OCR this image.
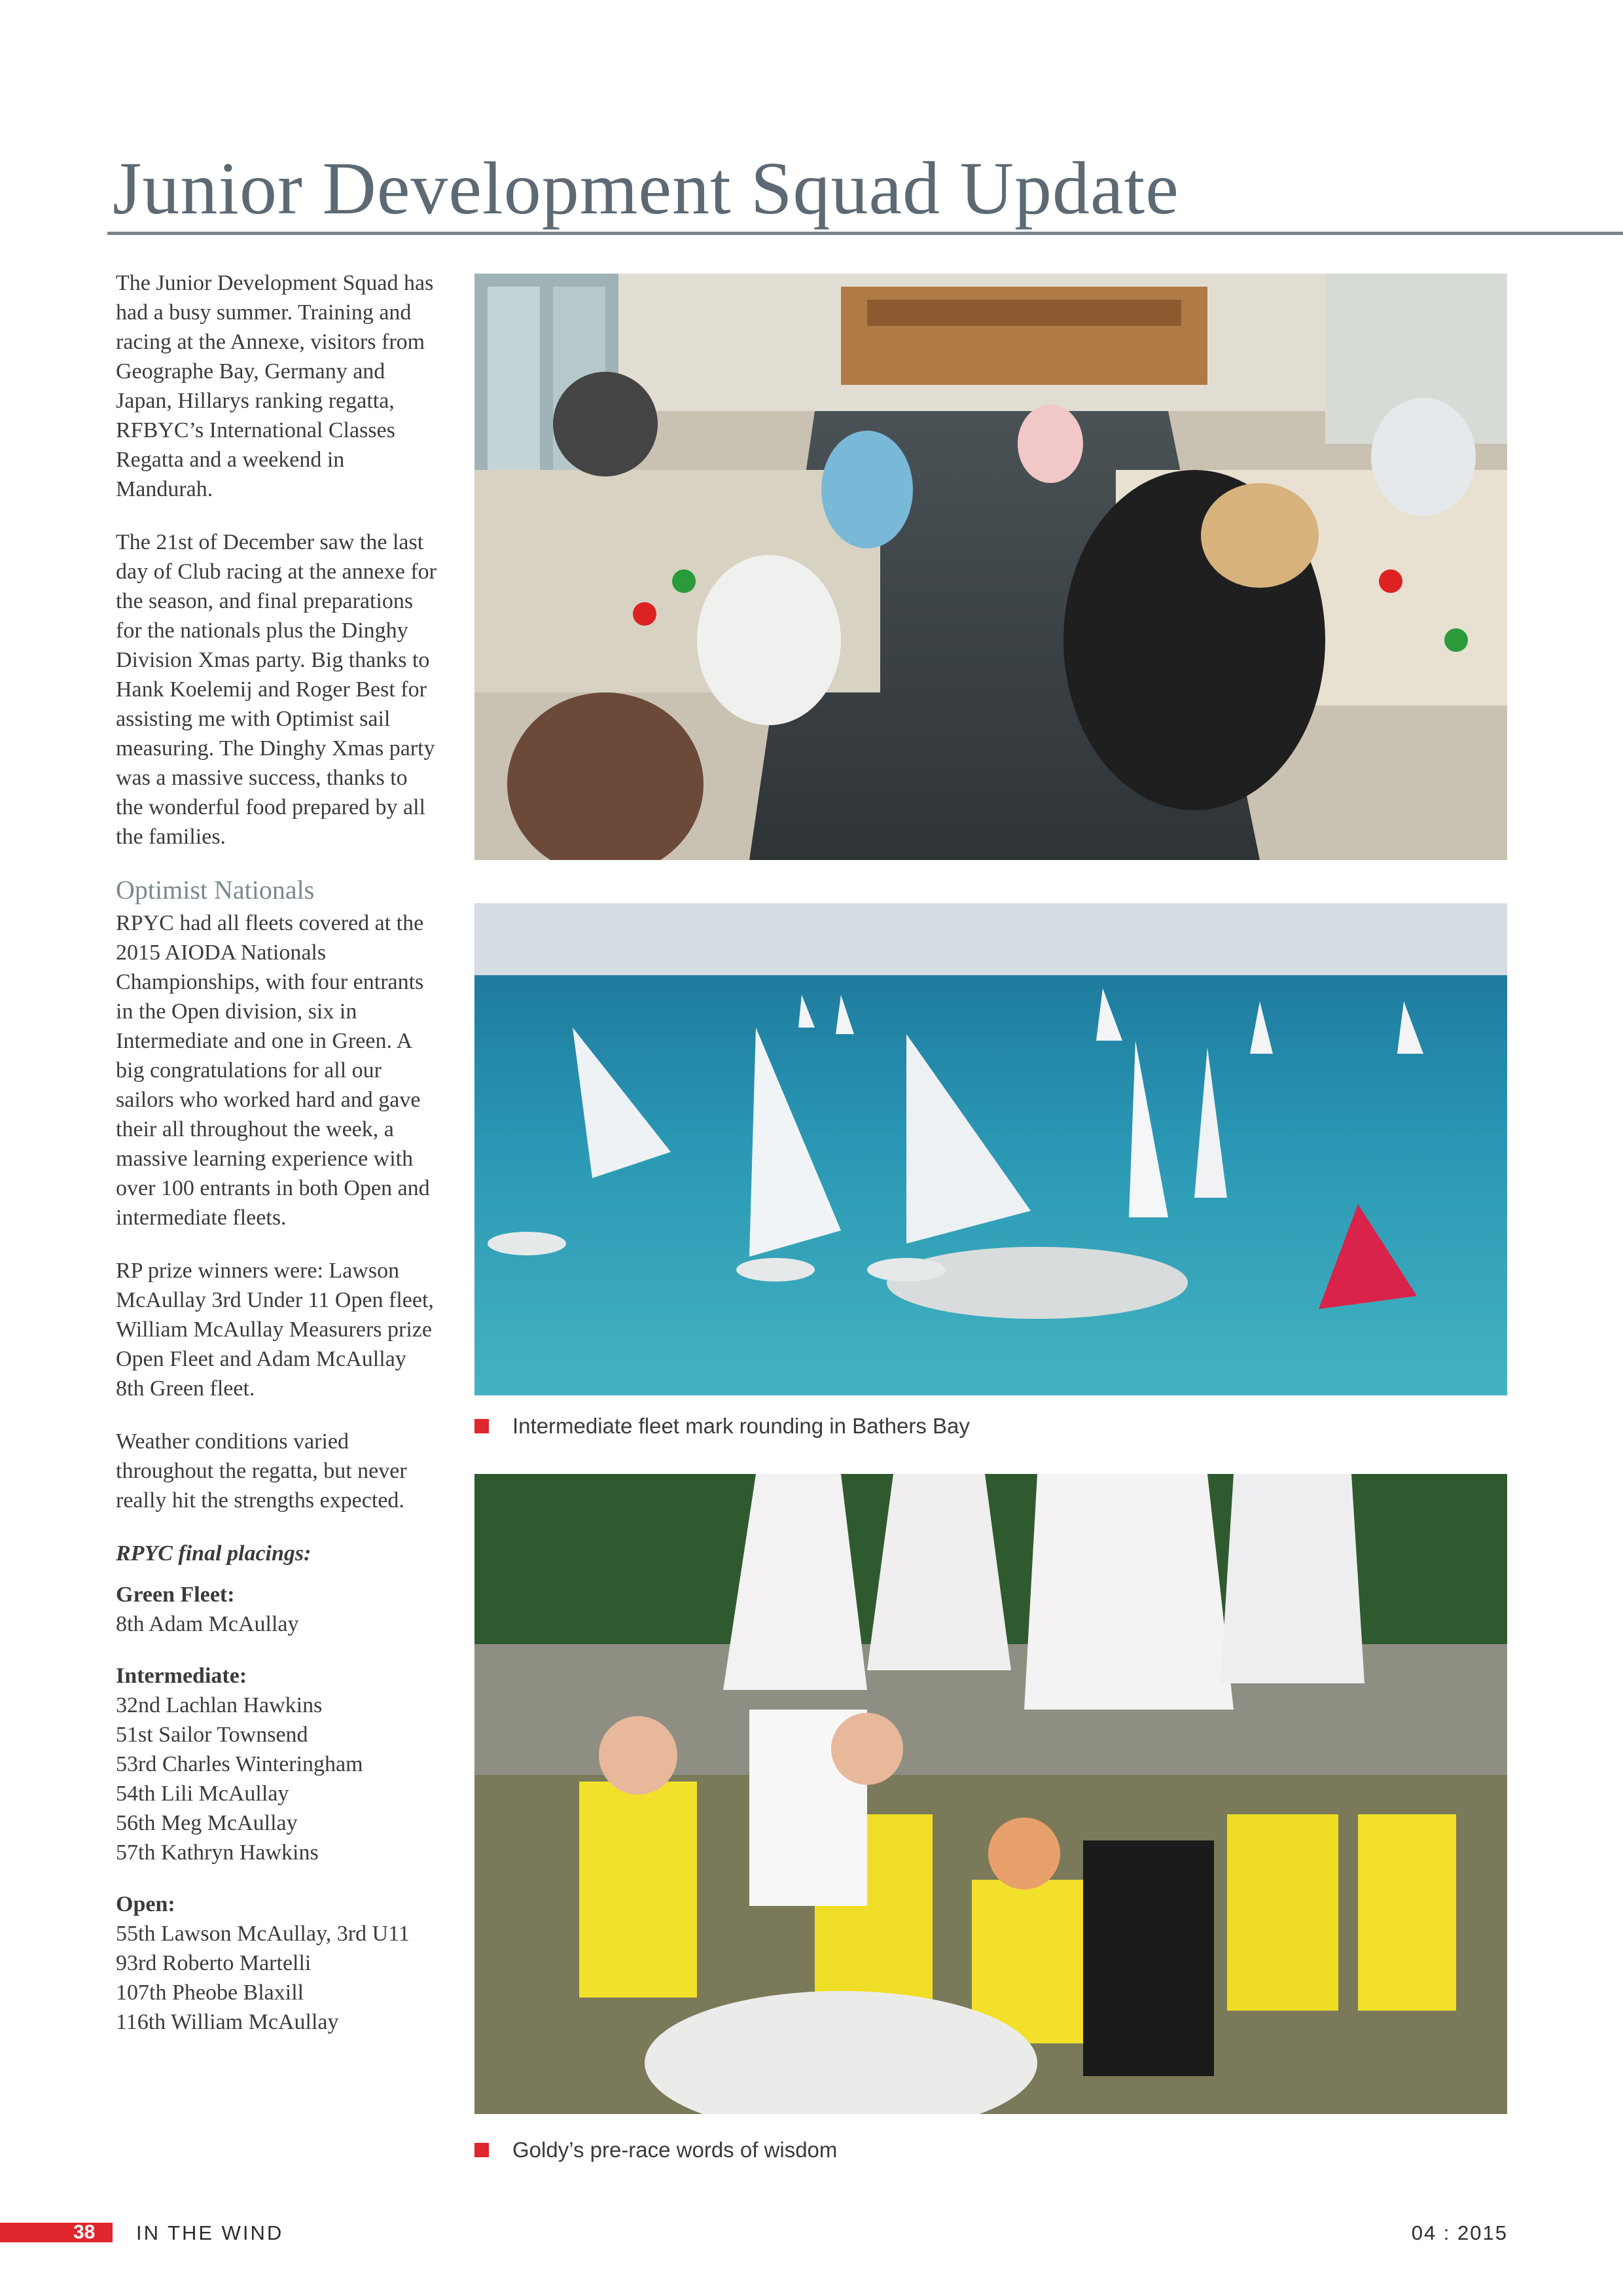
Junior Development Squad Update

The Junior Development Squad has had a busy summer. Training and racing at the Annexe, visitors from Geographe Bay, Germany and Japan, Hillarys ranking regatta, RFBYC’s International Classes Regatta and a weekend in Mandurah.

The 21st of December saw the last day of Club racing at the annexe for the season, and final preparations for the nationals plus the Dinghy Division Xmas party. Big thanks to Hank Koelemij and Roger Best for assisting me with Optimist sail measuring. The Dinghy Xmas party was a massive success, thanks to the wonderful food prepared by all the families.

Optimist Nationals

RPYC had all fleets covered at the 2015 AIODA Nationals Championships, with four entrants in the Open division, six in Intermediate and one in Green. A big congratulations for all our sailors who worked hard and gave their all throughout the week, a massive learning experience with over 100 entrants in both Open and intermediate fleets.

RP prize winners were: Lawson McAullay 3rd Under 11 Open fleet, William McAullay Measurers prize Open Fleet and Adam McAullay 8th Green fleet.

Weather conditions varied throughout the regatta, but never really hit the strengths expected.

RPYC final placings:

Green Fleet:
8th Adam McAullay
Intermediate:
32nd Lachlan Hawkins
51st Sailor Townsend
53rd Charles Winteringham
54th Lili McAullay
56th Meg McAullay
57th Kathryn Hawkins
Open:
55th Lawson McAullay, 3rd U11
93rd Roberto Martelli
107th Pheobe Blaxill
116th William McAullay
Intermediate fleet mark rounding in Bathers Bay
Goldy’s pre-race words of wisdom
38 IN THE WIND	04 : 2015
